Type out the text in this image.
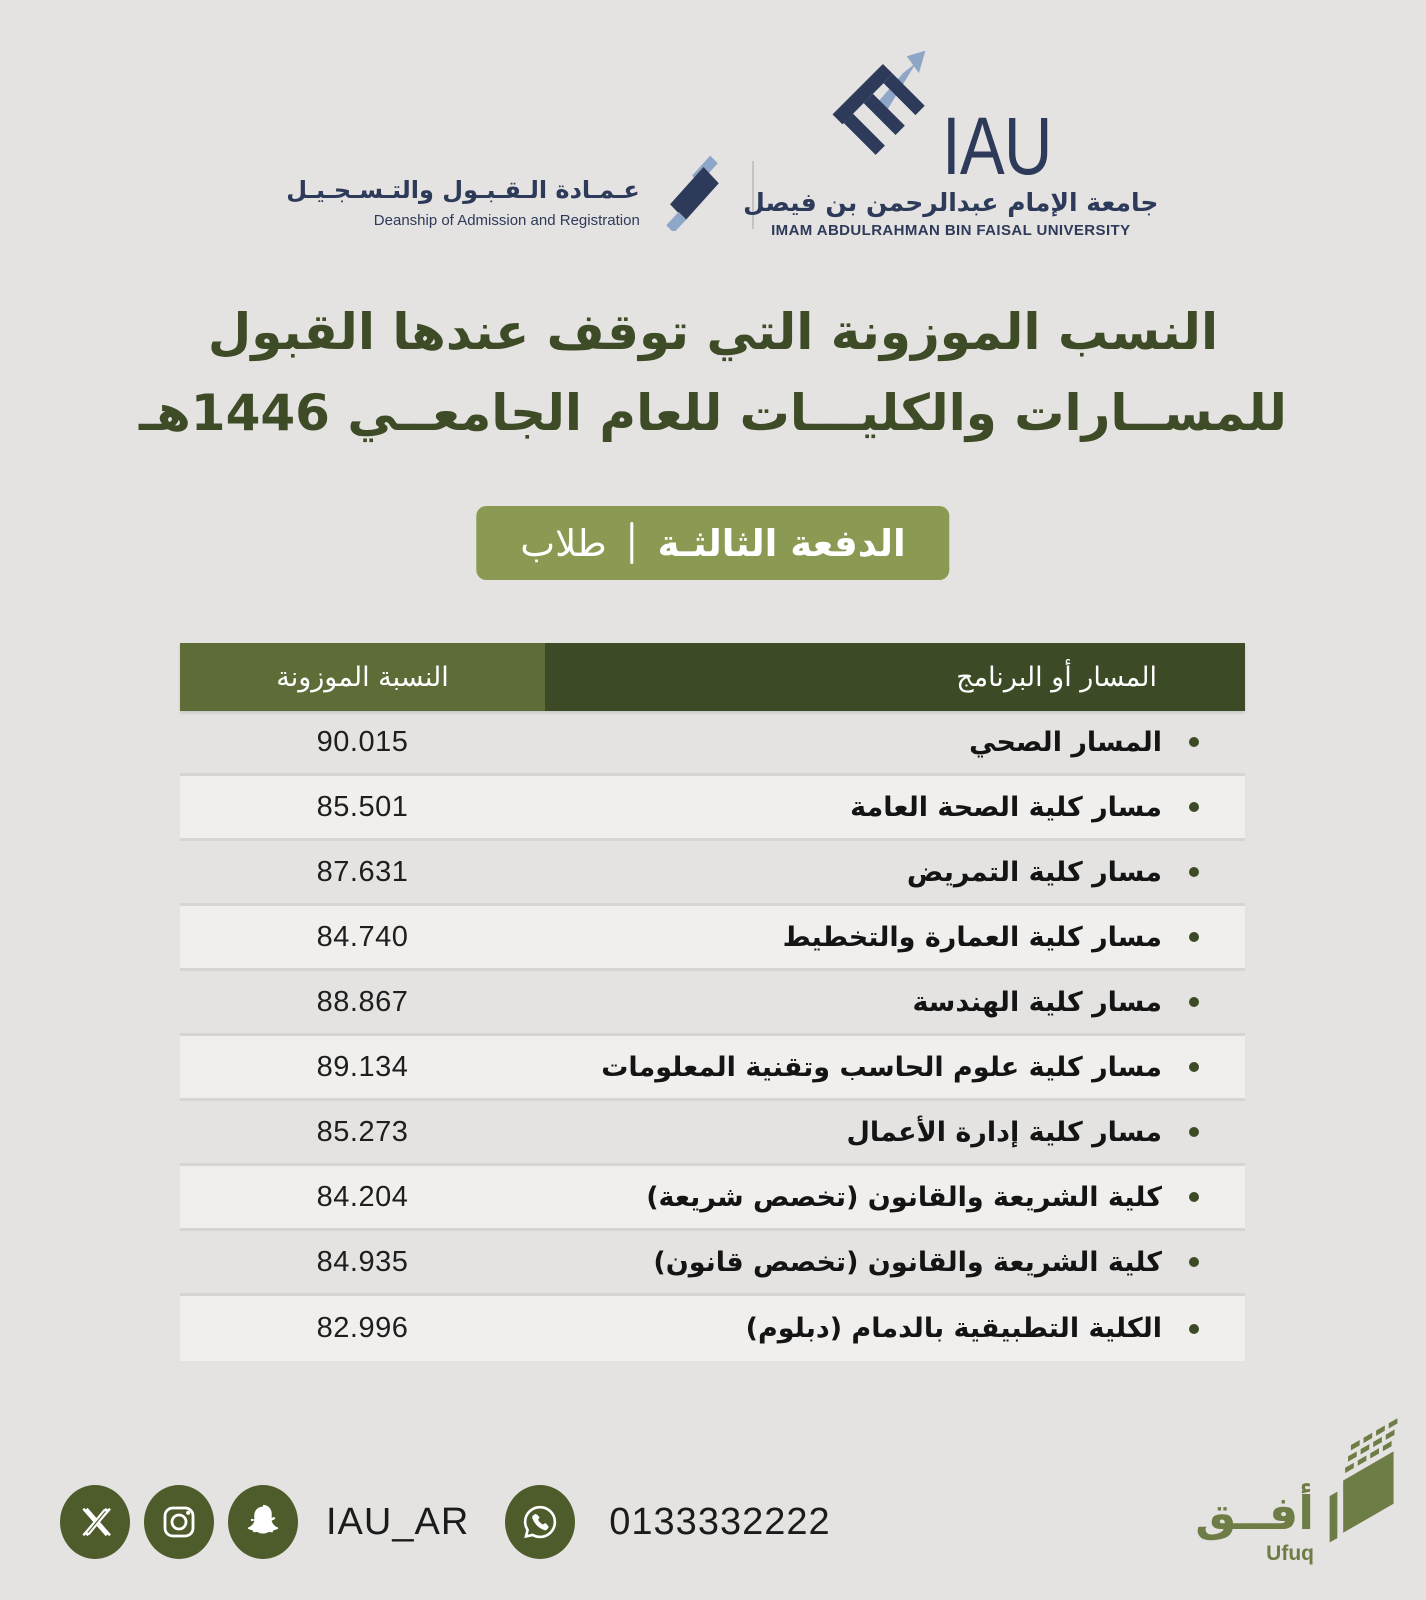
عـمـادة الـقـبـول والتـسـجـيـل
Deanship of Admission and Registration
IAU
جامعة الإمام عبدالرحمن بن فيصل
IMAM ABDULRAHMAN BIN FAISAL UNIVERSITY
النسب الموزونة التي توقف عندها القبول
للمســارات والكليـــات للعام الجامعــي 1446هـ
الدفعة الثالثـة
طلاب
النسبة الموزونة	المسار أو البرنامج
90.015	المسار الصحي
85.501	مسار كلية الصحة العامة
87.631	مسار كلية التمريض
84.740	مسار كلية العمارة والتخطيط
88.867	مسار كلية الهندسة
89.134	مسار كلية علوم الحاسب وتقنية المعلومات
85.273	مسار كلية إدارة الأعمال
84.204	كلية الشريعة والقانون (تخصص شريعة)
84.935	كلية الشريعة والقانون (تخصص قانون)
82.996	الكلية التطبيقية بالدمام (دبلوم)
IAU_AR	0133332222	أفــق
Ufuq
